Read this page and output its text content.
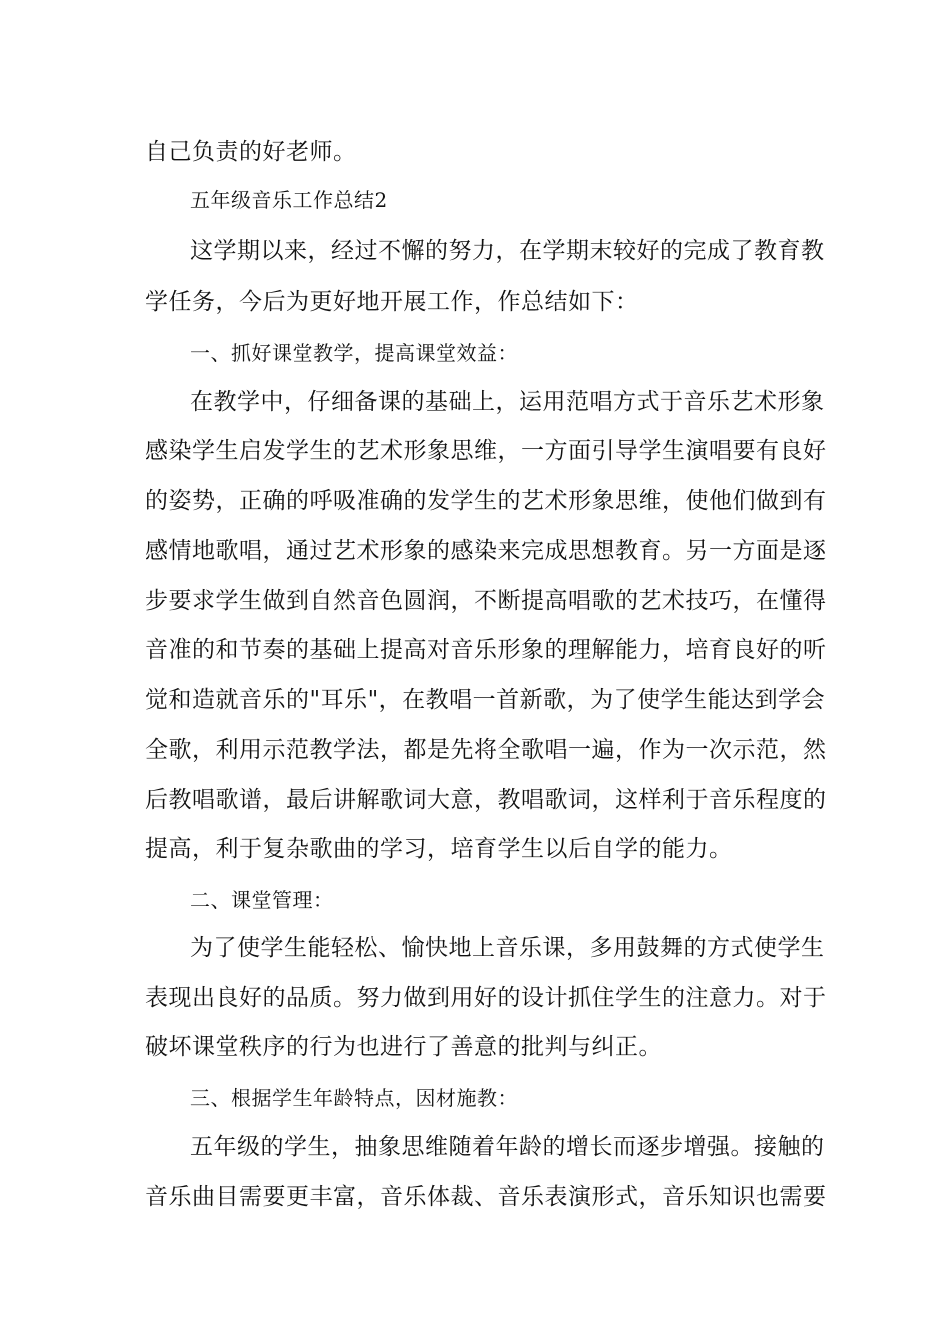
自己负责的好老师。
五年级音乐工作总结2
这学期以来，经过不懈的努力，在学期末较好的完成了教育教
学任务，今后为更好地开展工作，作总结如下：
一、抓好课堂教学，提高课堂效益：
在教学中，仔细备课的基础上，运用范唱方式于音乐艺术形象
感染学生启发学生的艺术形象思维，一方面引导学生演唱要有良好
的姿势，正确的呼吸准确的发学生的艺术形象思维，使他们做到有
感情地歌唱，通过艺术形象的感染来完成思想教育。另一方面是逐
步要求学生做到自然音色圆润，不断提高唱歌的艺术技巧，在懂得
音准的和节奏的基础上提高对音乐形象的理解能力，培育良好的听
觉和造就音乐的"耳乐"，在教唱一首新歌，为了使学生能达到学会
全歌，利用示范教学法，都是先将全歌唱一遍，作为一次示范，然
后教唱歌谱，最后讲解歌词大意，教唱歌词，这样利于音乐程度的
提高，利于复杂歌曲的学习，培育学生以后自学的能力。
二、课堂管理：
为了使学生能轻松、愉快地上音乐课，多用鼓舞的方式使学生
表现出良好的品质。努力做到用好的设计抓住学生的注意力。对于
破坏课堂秩序的行为也进行了善意的批判与纠正。
三、根据学生年龄特点，因材施教：
五年级的学生，抽象思维随着年龄的增长而逐步增强。接触的
音乐曲目需要更丰富，音乐体裁、音乐表演形式，音乐知识也需要
